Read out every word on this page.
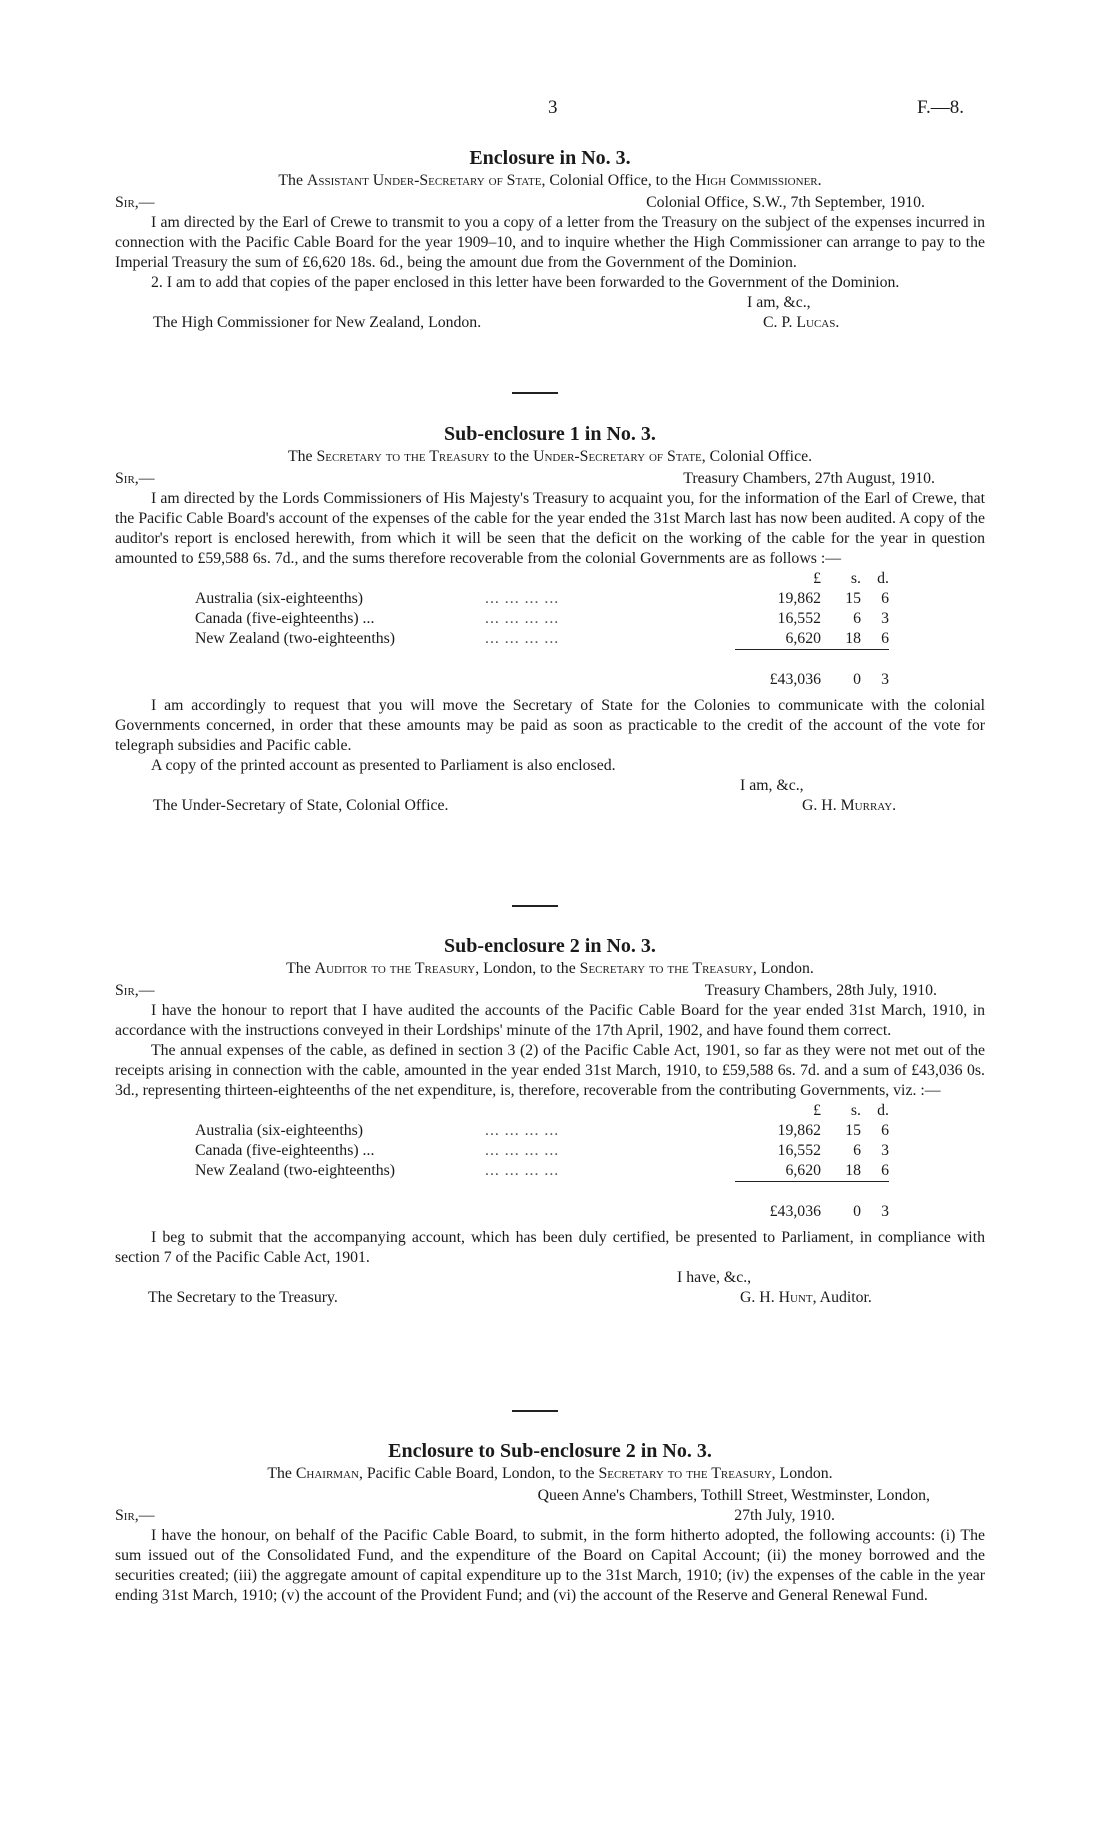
3	F.—8.
Enclosure in No. 3.
The Assistant Under-Secretary of State, Colonial Office, to the High Commissioner.
Sir,—	Colonial Office, S.W., 7th September, 1910.

I am directed by the Earl of Crewe to transmit to you a copy of a letter from the Treasury on the subject of the expenses incurred in connection with the Pacific Cable Board for the year 1909–10, and to inquire whether the High Commissioner can arrange to pay to the Imperial Treasury the sum of £6,620 18s. 6d., being the amount due from the Government of the Dominion.

2. I am to add that copies of the paper enclosed in this letter have been forwarded to the Government of the Dominion.

I am, &c.,
The High Commissioner for New Zealand, London.	C. P. Lucas.
Sub-enclosure 1 in No. 3.
The Secretary to the Treasury to the Under-Secretary of State, Colonial Office.
Sir,—	Treasury Chambers, 27th August, 1910.

I am directed by the Lords Commissioners of His Majesty's Treasury to acquaint you, for the information of the Earl of Crewe, that the Pacific Cable Board's account of the expenses of the cable for the year ended the 31st March last has now been audited. A copy of the auditor's report is enclosed herewith, from which it will be seen that the deficit on the working of the cable for the year in question amounted to £59,588 6s. 7d., and the sums therefore recoverable from the colonial Governments are as follows :—

		£	s.	d.
Australia (six-eighteenths)	... ... ... ...	19,862	15	6
Canada (five-eighteenths) ...	... ... ... ...	16,552	6	3
New Zealand (two-eighteenths)	... ... ... ...	6,620	18	6

		£43,036	0	3

I am accordingly to request that you will move the Secretary of State for the Colonies to communicate with the colonial Governments concerned, in order that these amounts may be paid as soon as practicable to the credit of the account of the vote for telegraph subsidies and Pacific cable.

A copy of the printed account as presented to Parliament is also enclosed.

I am, &c.,
The Under-Secretary of State, Colonial Office.	G. H. Murray.
Sub-enclosure 2 in No. 3.
The Auditor to the Treasury, London, to the Secretary to the Treasury, London.
Sir,—	Treasury Chambers, 28th July, 1910.

I have the honour to report that I have audited the accounts of the Pacific Cable Board for the year ended 31st March, 1910, in accordance with the instructions conveyed in their Lordships' minute of the 17th April, 1902, and have found them correct.

The annual expenses of the cable, as defined in section 3 (2) of the Pacific Cable Act, 1901, so far as they were not met out of the receipts arising in connection with the cable, amounted in the year ended 31st March, 1910, to £59,588 6s. 7d. and a sum of £43,036 0s. 3d., representing thirteen-eighteenths of the net expenditure, is, therefore, recoverable from the contributing Governments, viz. :—

		£	s.	d.
Australia (six-eighteenths)	... ... ... ...	19,862	15	6
Canada (five-eighteenths) ...	... ... ... ...	16,552	6	3
New Zealand (two-eighteenths)	... ... ... ...	6,620	18	6

		£43,036	0	3

I beg to submit that the accompanying account, which has been duly certified, be presented to Parliament, in compliance with section 7 of the Pacific Cable Act, 1901.

I have, &c.,
The Secretary to the Treasury.	G. H. Hunt, Auditor.
Enclosure to Sub-enclosure 2 in No. 3.
The Chairman, Pacific Cable Board, London, to the Secretary to the Treasury, London.
Queen Anne's Chambers, Tothill Street, Westminster, London,
Sir,—	27th July, 1910.

I have the honour, on behalf of the Pacific Cable Board, to submit, in the form hitherto adopted, the following accounts: (i) The sum issued out of the Consolidated Fund, and the expenditure of the Board on Capital Account; (ii) the money borrowed and the securities created; (iii) the aggregate amount of capital expenditure up to the 31st March, 1910; (iv) the expenses of the cable in the year ending 31st March, 1910; (v) the account of the Provident Fund; and (vi) the account of the Reserve and General Renewal Fund.
